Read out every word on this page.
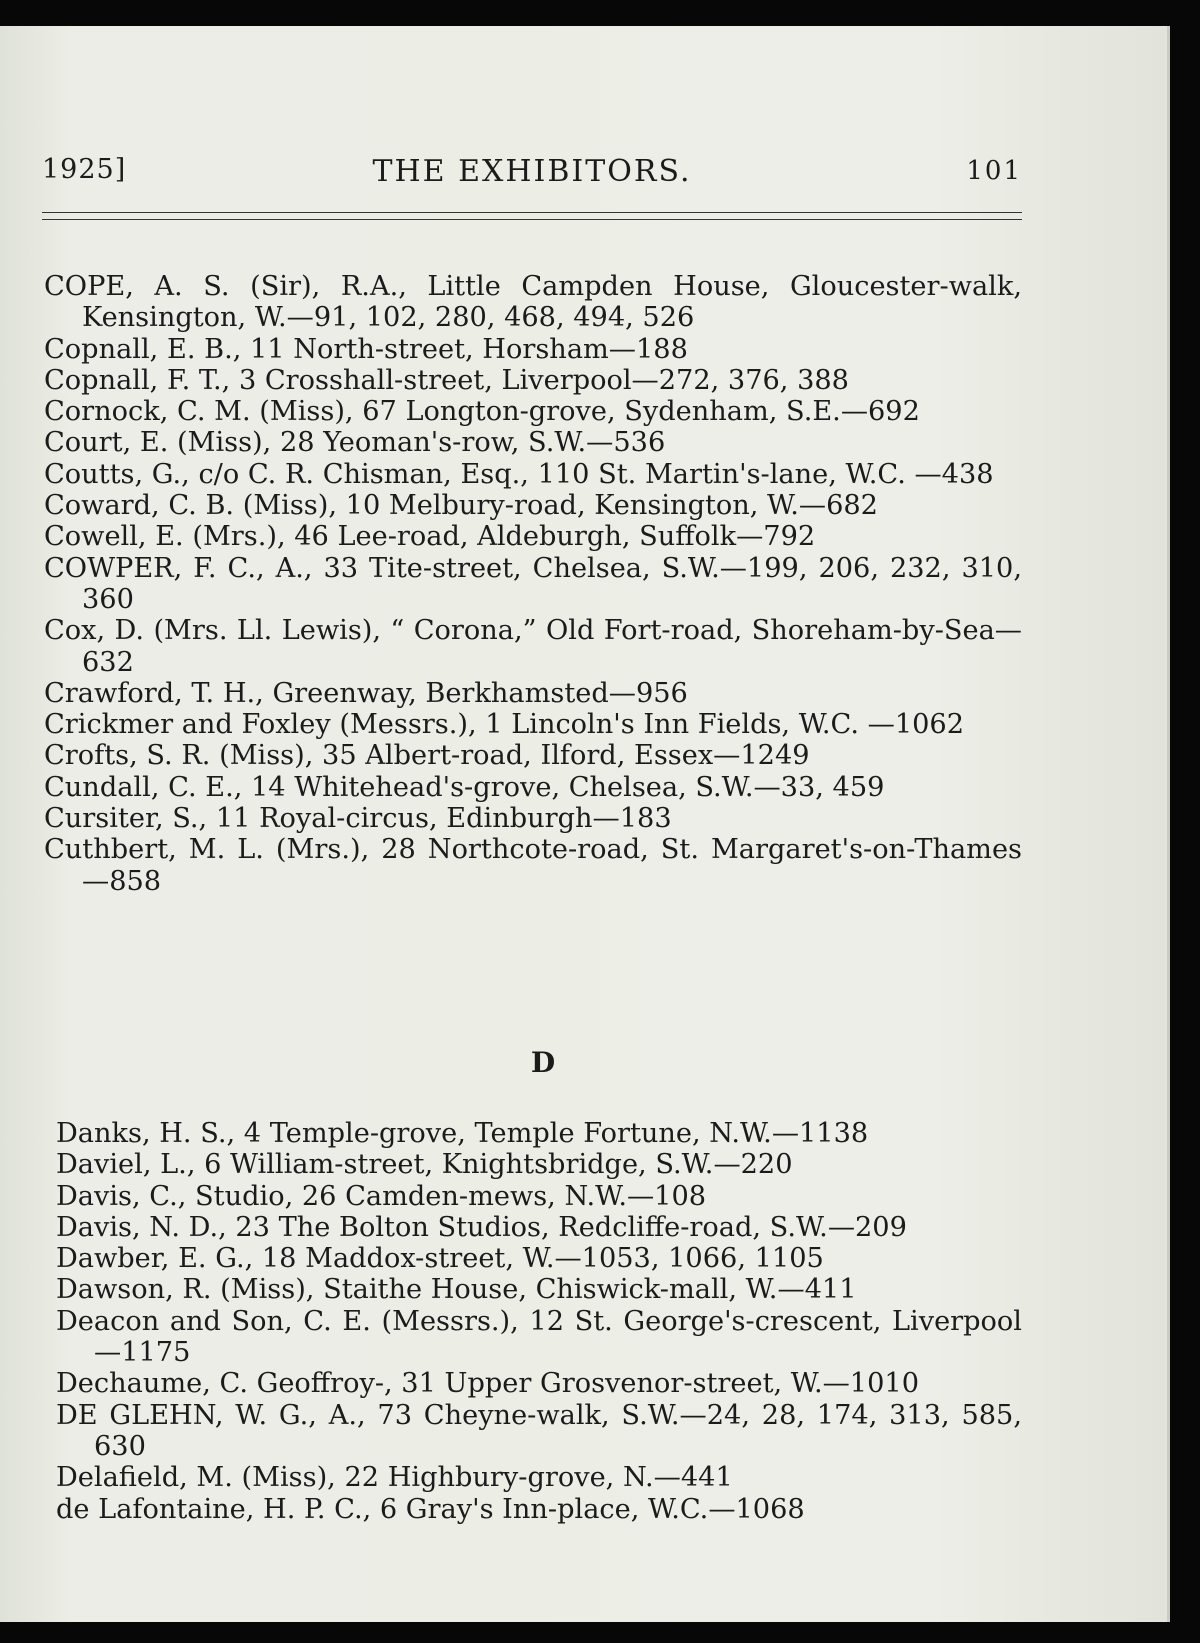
1925]	THE EXHIBITORS.	101
COPE, A. S. (Sir), R.A., Little Campden House, Gloucester-walk, Kensington, W.—91, 102, 280, 468, 494, 526
Copnall, E. B., 11 North-street, Horsham—188
Copnall, F. T., 3 Crosshall-street, Liverpool—272, 376, 388
Cornock, C. M. (Miss), 67 Longton-grove, Sydenham, S.E.—692
Court, E. (Miss), 28 Yeoman's-row, S.W.—536
Coutts, G., c/o C. R. Chisman, Esq., 110 St. Martin's-lane, W.C. —438
Coward, C. B. (Miss), 10 Melbury-road, Kensington, W.—682
Cowell, E. (Mrs.), 46 Lee-road, Aldeburgh, Suffolk—792
COWPER, F. C., A., 33 Tite-street, Chelsea, S.W.—199, 206, 232, 310, 360
Cox, D. (Mrs. Ll. Lewis), “ Corona,” Old Fort-road, Shoreham-by-Sea—632
Crawford, T. H., Greenway, Berkhamsted—956
Crickmer and Foxley (Messrs.), 1 Lincoln's Inn Fields, W.C. —1062
Crofts, S. R. (Miss), 35 Albert-road, Ilford, Essex—1249
Cundall, C. E., 14 Whitehead's-grove, Chelsea, S.W.—33, 459
Cursiter, S., 11 Royal-circus, Edinburgh—183
Cuthbert, M. L. (Mrs.), 28 Northcote-road, St. Margaret's-on-Thames—858
D
Danks, H. S., 4 Temple-grove, Temple Fortune, N.W.—1138
Daviel, L., 6 William-street, Knightsbridge, S.W.—220
Davis, C., Studio, 26 Camden-mews, N.W.—108
Davis, N. D., 23 The Bolton Studios, Redcliffe-road, S.W.—209
Dawber, E. G., 18 Maddox-street, W.—1053, 1066, 1105
Dawson, R. (Miss), Staithe House, Chiswick-mall, W.—411
Deacon and Son, C. E. (Messrs.), 12 St. George's-crescent, Liverpool—1175
Dechaume, C. Geoffroy-, 31 Upper Grosvenor-street, W.—1010
DE GLEHN, W. G., A., 73 Cheyne-walk, S.W.—24, 28, 174, 313, 585, 630
Delafield, M. (Miss), 22 Highbury-grove, N.—441
de Lafontaine, H. P. C., 6 Gray's Inn-place, W.C.—1068
